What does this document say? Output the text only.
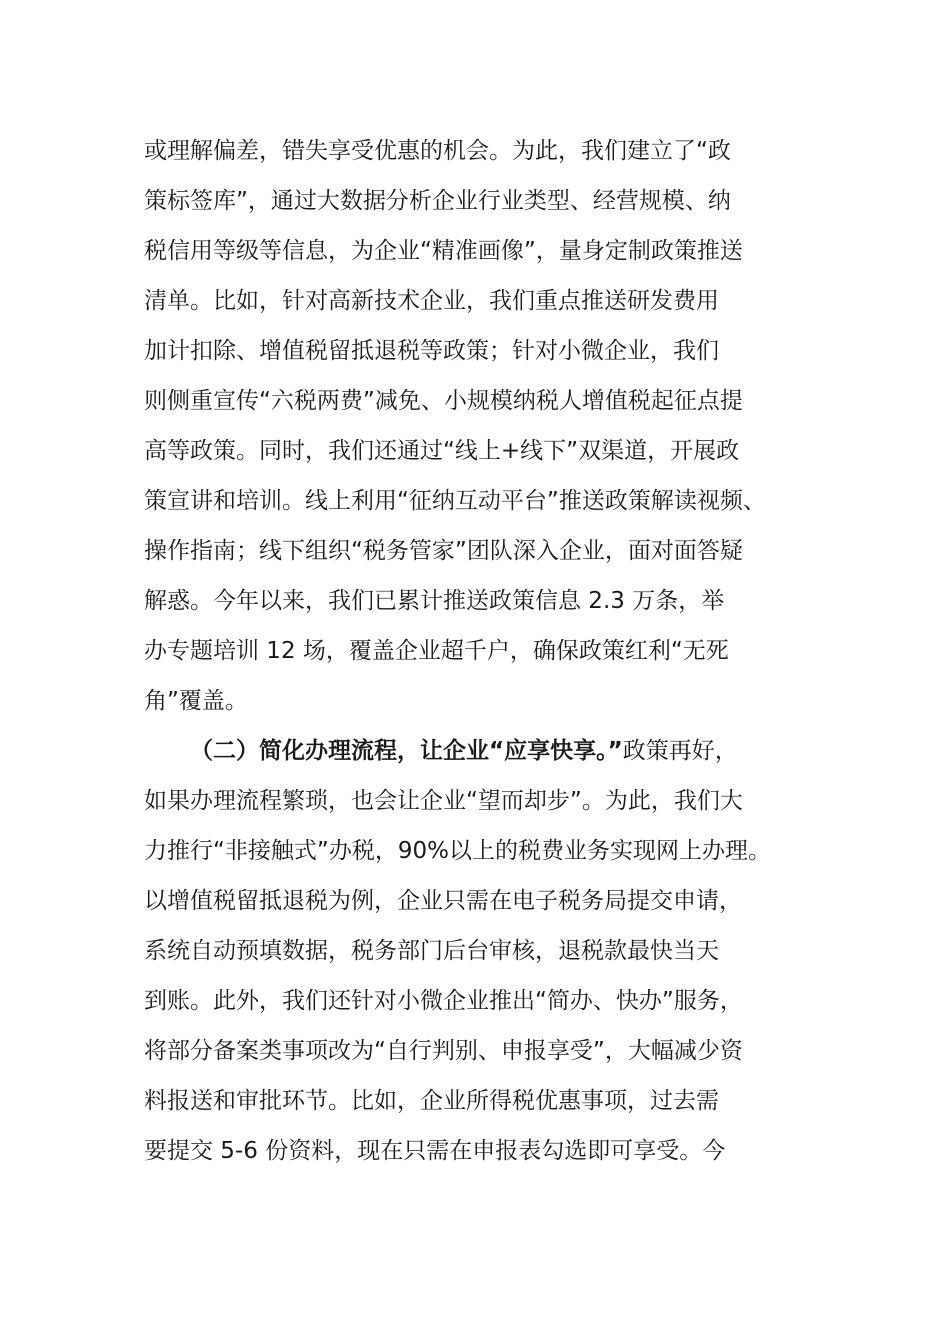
或理解偏差，错失享受优惠的机会。为此，我们建立了“政
策标签库”，通过大数据分析企业行业类型、经营规模、纳
税信用等级等信息，为企业“精准画像”，量身定制政策推送
清单。比如，针对高新技术企业，我们重点推送研发费用
加计扣除、增值税留抵退税等政策；针对小微企业，我们
则侧重宣传“六税两费”减免、小规模纳税人增值税起征点提
高等政策。同时，我们还通过“线上+线下”双渠道，开展政
策宣讲和培训。线上利用“征纳互动平台”推送政策解读视频、
操作指南；线下组织“税务管家”团队深入企业，面对面答疑
解惑。今年以来，我们已累计推送政策信息 2.3 万条，举
办专题培训 12 场，覆盖企业超千户，确保政策红利“无死
角”覆盖。
（二）简化办理流程，让企业“应享快享。”政策再好，
如果办理流程繁琐，也会让企业“望而却步”。为此，我们大
力推行“非接触式”办税，90%以上的税费业务实现网上办理。
以增值税留抵退税为例，企业只需在电子税务局提交申请，
系统自动预填数据，税务部门后台审核，退税款最快当天
到账。此外，我们还针对小微企业推出“简办、快办”服务，
将部分备案类事项改为“自行判别、申报享受”，大幅减少资
料报送和审批环节。比如，企业所得税优惠事项，过去需
要提交 5-6 份资料，现在只需在申报表勾选即可享受。今
